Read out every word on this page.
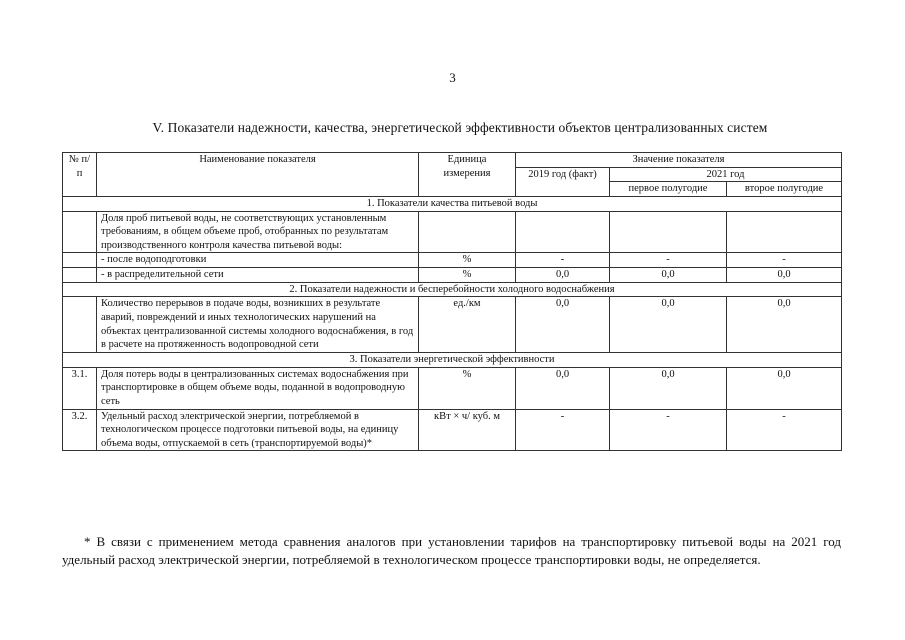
3
V. Показатели надежности, качества, энергетической эффективности объектов централизованных систем
№ п/п	Наименование показателя	Единица измерения	Значение показателя		
			2019 год (факт)	2021 год	
				первое полугодие	второе полугодие
1. Показатели качества питьевой воды					
	Доля проб питьевой воды, не соответствующих установленным требованиям, в общем объеме проб, отобранных по результатам производственного контроля качества питьевой воды:				
	- после водоподготовки	%	-	-	-
	- в распределительной сети	%	0,0	0,0	0,0
2. Показатели надежности и бесперебойности холодного водоснабжения					
	Количество перерывов в подаче воды, возникших в результате аварий, повреждений и иных технологических нарушений на объектах централизованной системы холодного водоснабжения, в год в расчете на протяженность водопроводной сети	ед./км	0,0	0,0	0,0
3. Показатели энергетической эффективности					
3.1.	Доля потерь воды в централизованных системах водоснабжения при транспортировке в общем объеме воды, поданной в водопроводную сеть	%	0,0	0,0	0,0
3.2.	Удельный расход электрической энергии, потребляемой в технологическом процессе подготовки питьевой воды, на единицу объема воды, отпускаемой в сеть (транспортируемой воды)*	кВт × ч/ куб. м	-	-	-
* В связи с применением метода сравнения аналогов при установлении тарифов на транспортировку питьевой воды на 2021 год удельный расход электрической энергии, потребляемой в технологическом процессе транспортировки воды, не определяется.
